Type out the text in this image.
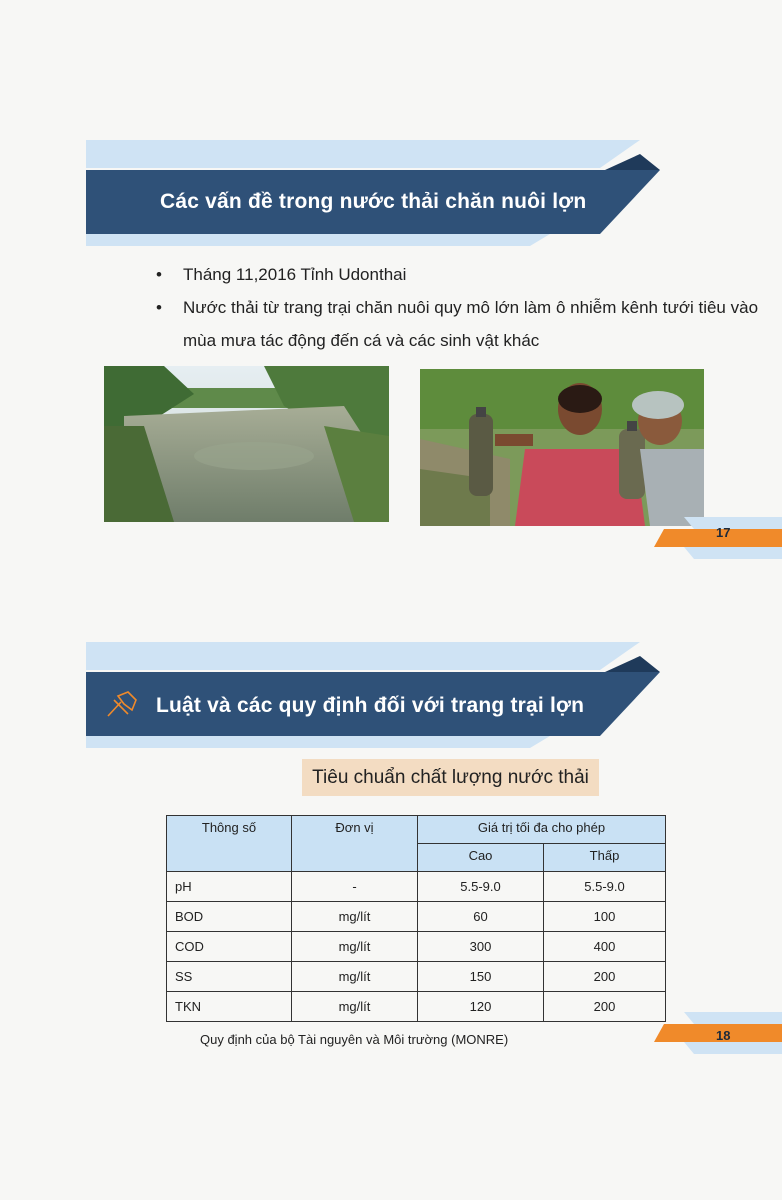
Các vấn đề trong nước thải chăn nuôi lợn
• Tháng 11,2016 Tỉnh Udonthai
• Nước thải từ trang trại chăn nuôi quy mô lớn làm ô nhiễm kênh tưới tiêu vào mùa mưa tác động đến cá và các sinh vật khác
17
Luật và các quy định đối với trang trại lợn
Tiêu chuẩn chất lượng nước thải
Thông số	Đơn vị	Giá trị tối đa cho phép	
		Cao	Thấp
pH	-	5.5-9.0	5.5-9.0
BOD	mg/lít	60	100
COD	mg/lít	300	400
SS	mg/lít	150	200
TKN	mg/lít	120	200
Quy định của bộ Tài nguyên và Môi trường (MONRE)	18
